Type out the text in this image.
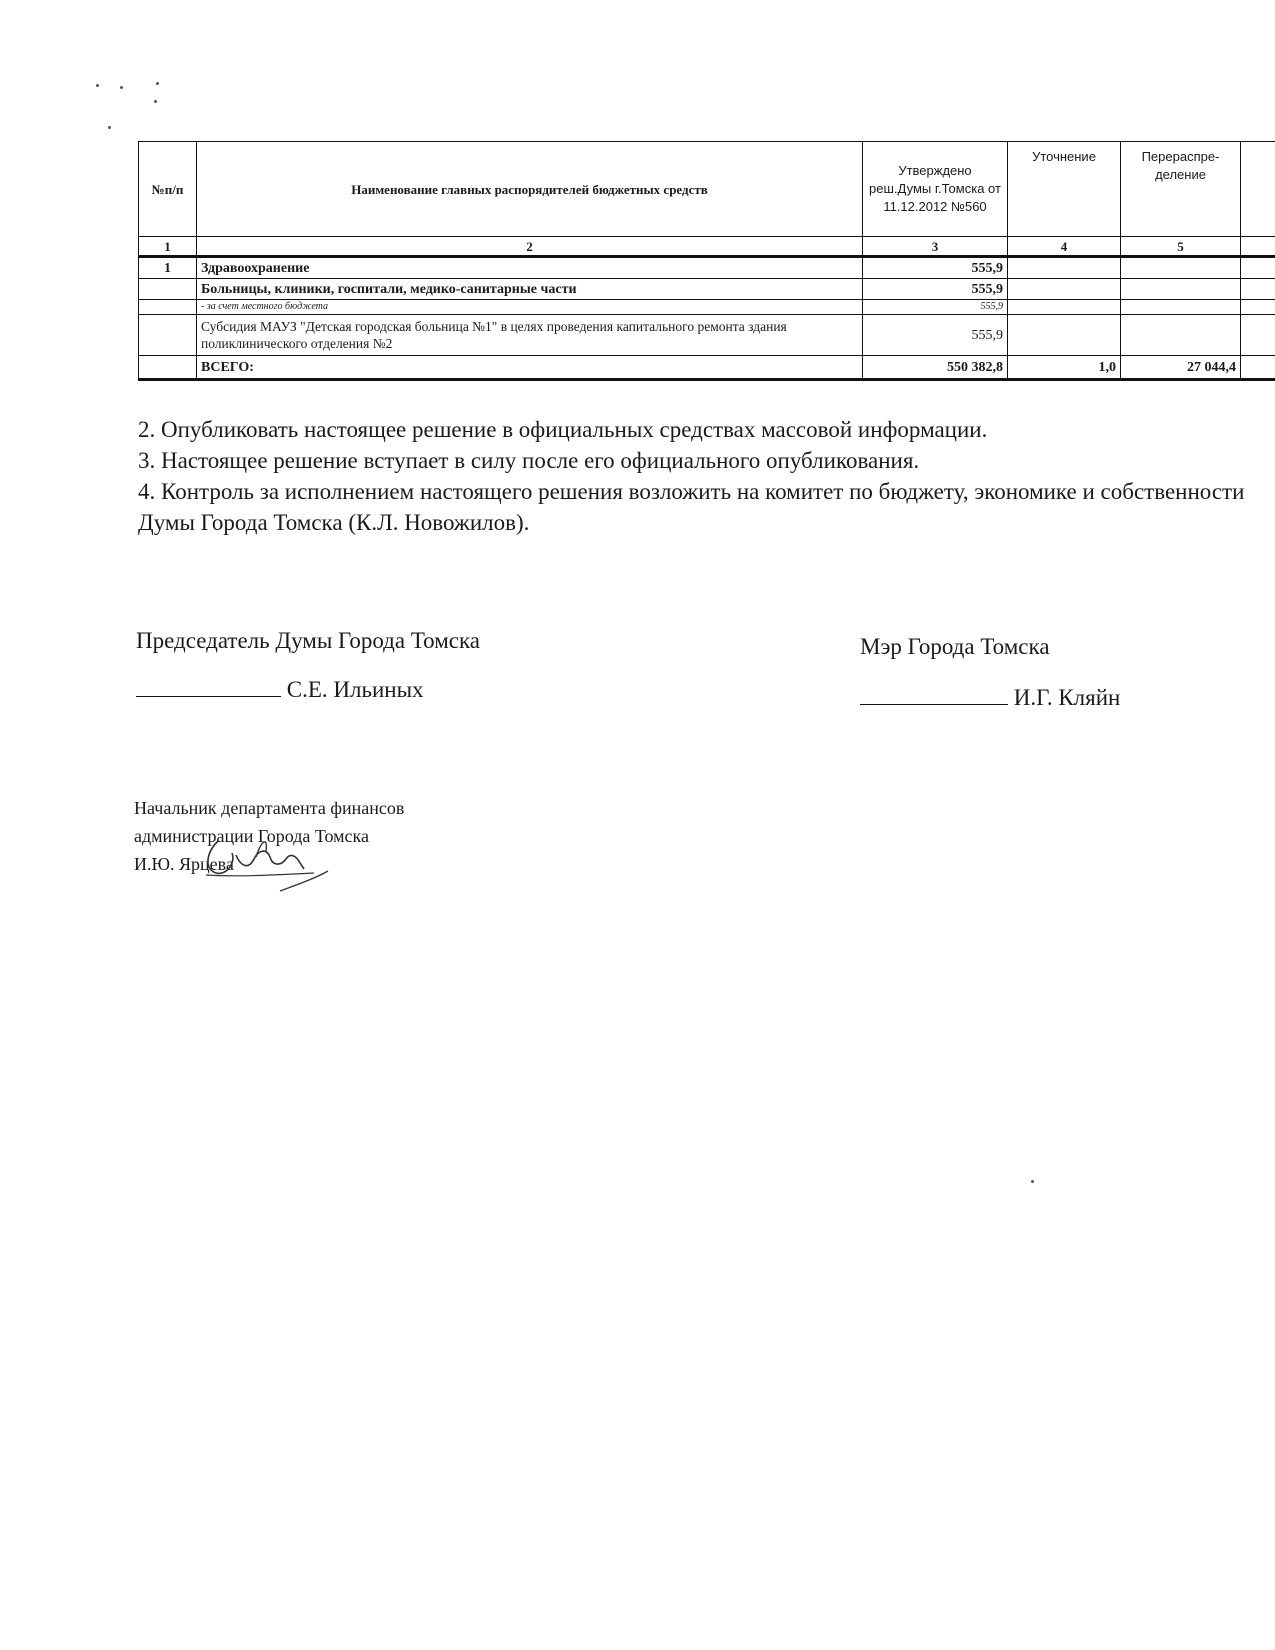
№п/п	Наименование главных распорядителей бюджетных средств	Утверждено реш.Думы г.Томска от 11.12.2012 №560	Уточнение	Перераспре-деление	
1	2	3	4	5	
1	Здравоохранение	555,9			
	Больницы, клиники, госпитали, медико-санитарные части	555,9			
	- за счет местного бюджета	555,9			
	Субсидия МАУЗ "Детская городская больница №1" в целях проведения капитального ремонта здания поликлинического отделения №2	555,9			
	ВСЕГО:	550 382,8	1,0	27 044,4	

2. Опубликовать настоящее решение в официальных средствах массовой информации.

3. Настоящее решение вступает в силу после его официального опубликования.

4. Контроль за исполнением настоящего решения возложить на комитет по бюджету, экономике и собственности Думы Города Томска (К.Л. Новожилов).

Председатель Думы Города Томска
С.Е. Ильиных
Мэр Города Томска
И.Г. Кляйн
Начальник департамента финансов
администрации Города Томска
И.Ю. Ярцева
